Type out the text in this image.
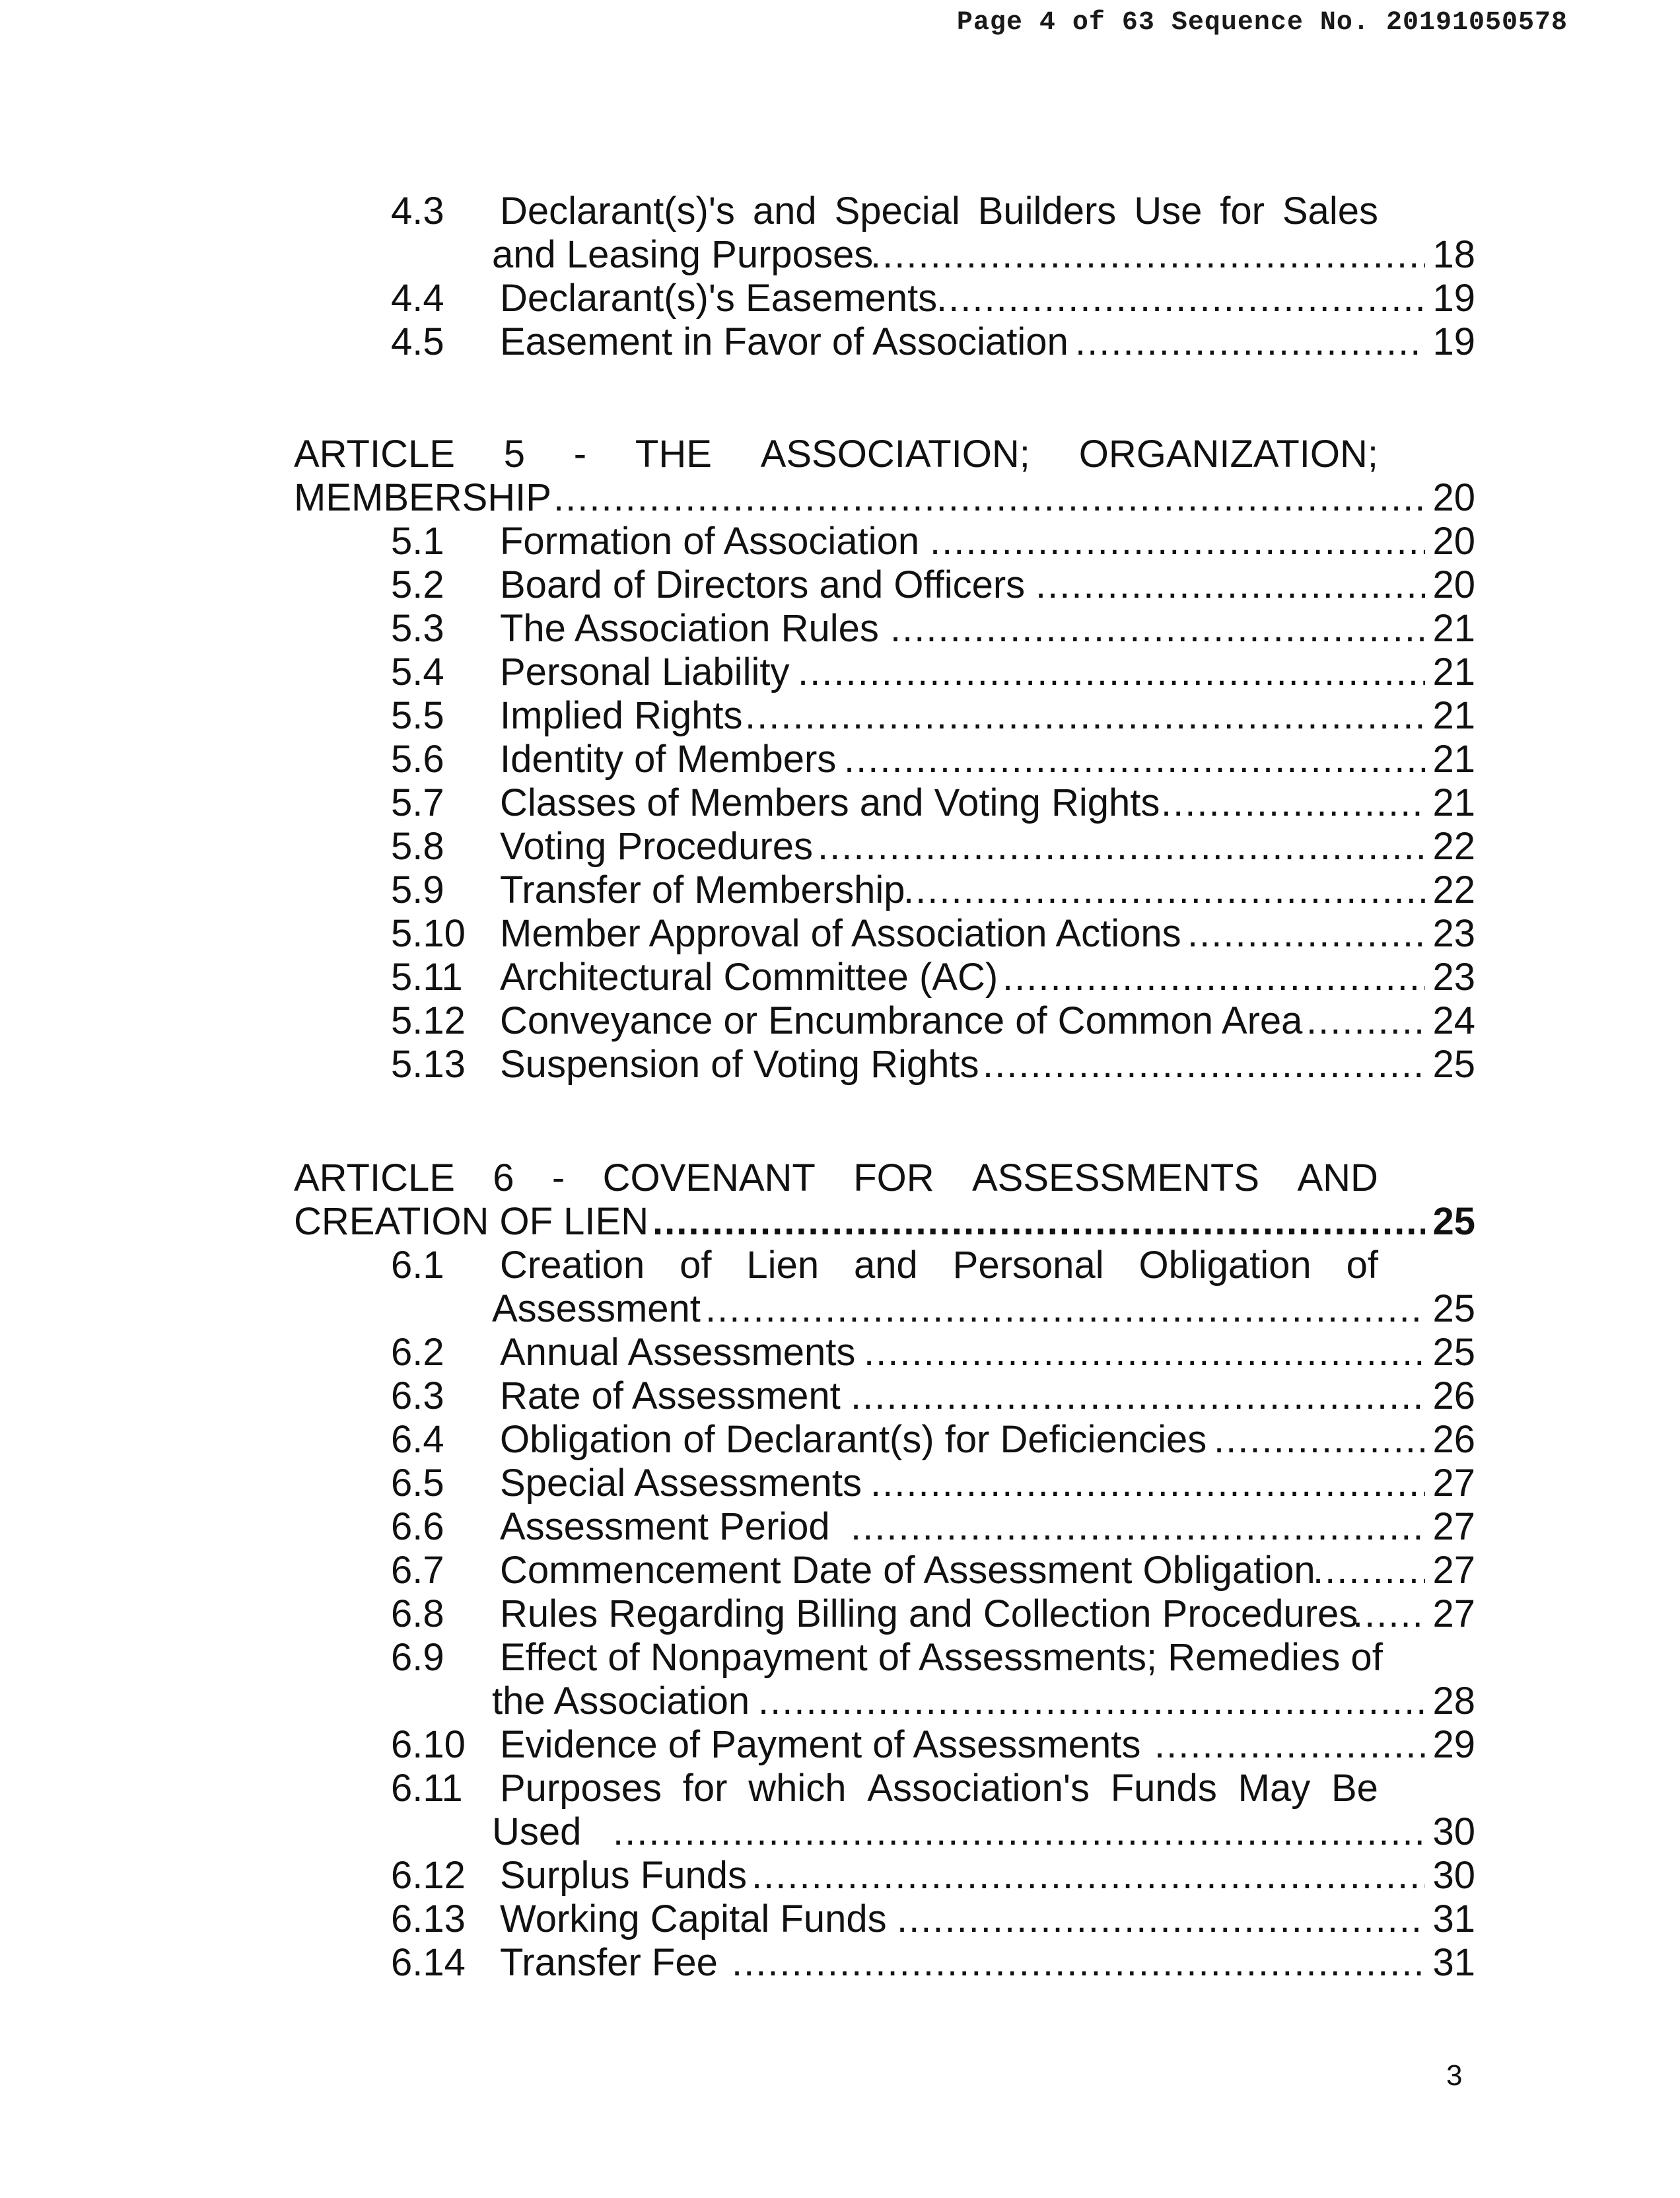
Page 4 of 63 Sequence No. 20191050578
4.3 Declarant(s)'s and Special Builders Use for Sales
and Leasing Purposes .....	18
4.4 Declarant(s)'s Easements .....	19
4.5 Easement in Favor of Association .....	19
ARTICLE 5 - THE ASSOCIATION; ORGANIZATION;
MEMBERSHIP .....	20
5.1 Formation of Association .....	20
5.2 Board of Directors and Officers .....	20
5.3 The Association Rules .....	21
5.4 Personal Liability .....	21
5.5 Implied Rights .....	21
5.6 Identity of Members .....	21
5.7 Classes of Members and Voting Rights .....	21
5.8 Voting Procedures .....	22
5.9 Transfer of Membership .....	22
5.10 Member Approval of Association Actions .....	23
5.11 Architectural Committee (AC) .....	23
5.12 Conveyance or Encumbrance of Common Area .....	24
5.13 Suspension of Voting Rights .....	25
ARTICLE 6 - COVENANT FOR ASSESSMENTS AND
CREATION OF LIEN .....	25
6.1 Creation of Lien and Personal Obligation of
Assessment .....	25
6.2 Annual Assessments .....	25
6.3 Rate of Assessment .....	26
6.4 Obligation of Declarant(s) for Deficiencies .....	26
6.5 Special Assessments .....	27
6.6 Assessment Period .....	27
6.7 Commencement Date of Assessment Obligation .....	27
6.8 Rules Regarding Billing and Collection Procedures ..... 27
6.9 Effect of Nonpayment of Assessments; Remedies of
the Association .....	28
6.10 Evidence of Payment of Assessments .....	29
6.11 Purposes for which Association's Funds May Be
Used .....	30
6.12 Surplus Funds .....	30
6.13 Working Capital Funds .....	31
6.14 Transfer Fee .....	31
3
